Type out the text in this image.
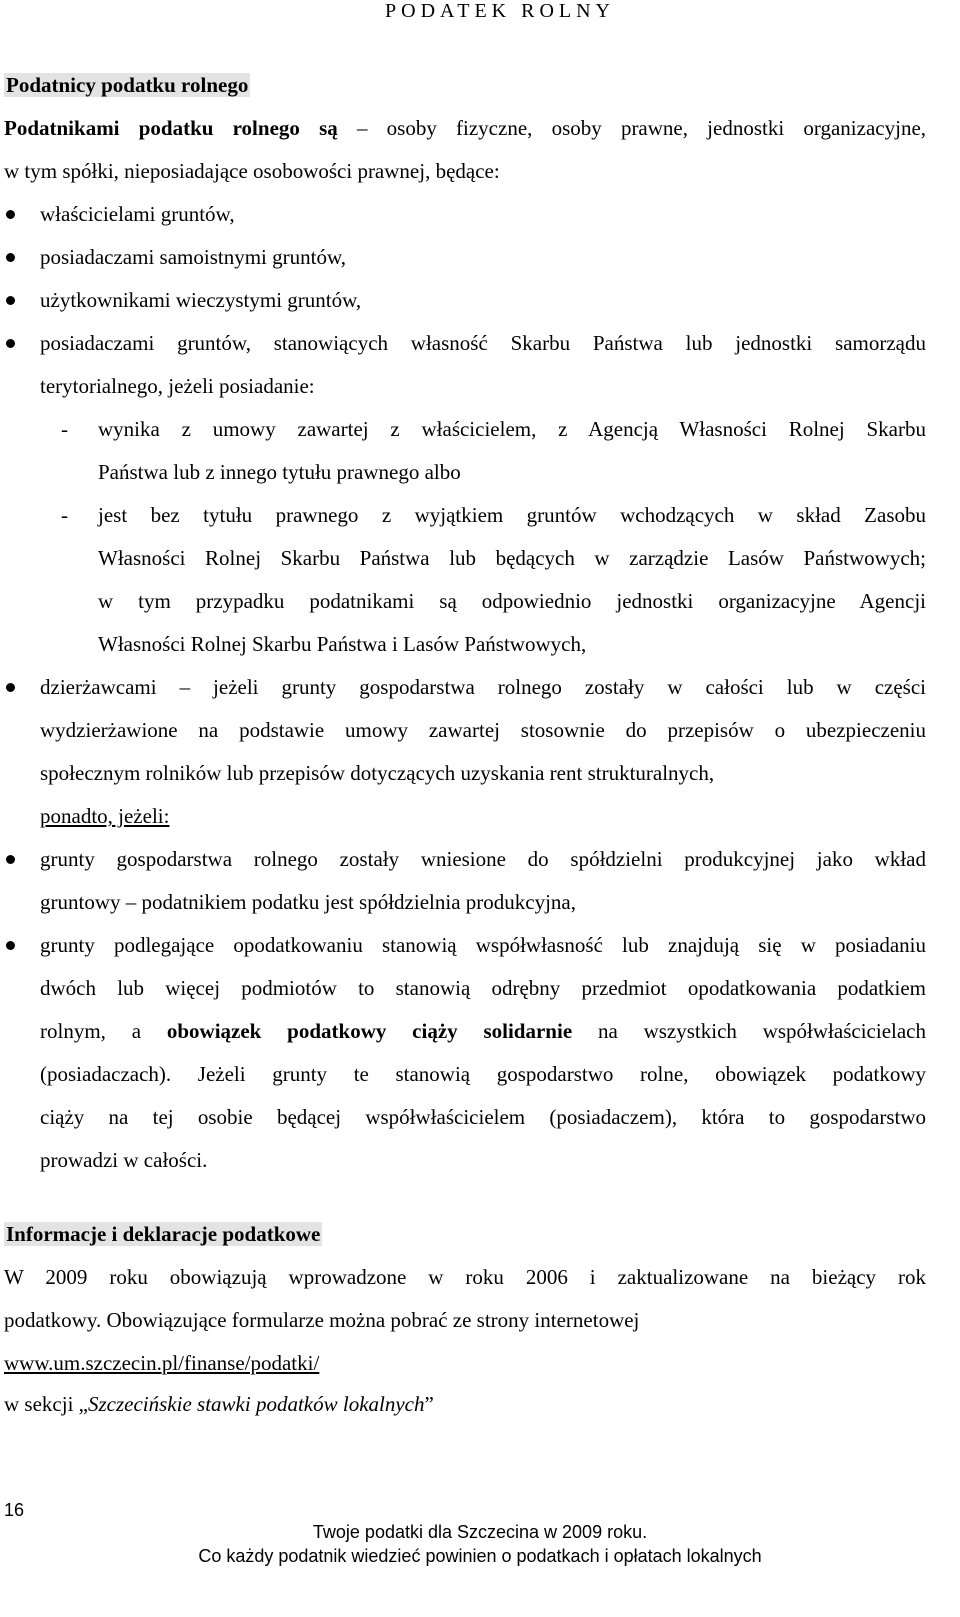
PODATEK ROLNY
Podatnicy podatku rolnego
Podatnikami podatku rolnego są – osoby fizyczne, osoby prawne, jednostki organizacyjne,
w tym spółki, nieposiadające osobowości prawnej, będące:
właścicielami gruntów,
posiadaczami samoistnymi gruntów,
użytkownikami wieczystymi gruntów,
posiadaczami gruntów, stanowiących własność Skarbu Państwa lub jednostki samorządu
terytorialnego, jeżeli posiadanie:
- wynika z umowy zawartej z właścicielem, z Agencją Własności Rolnej Skarbu
Państwa lub z innego tytułu prawnego albo
- jest bez tytułu prawnego z wyjątkiem gruntów wchodzących w skład Zasobu
Własności Rolnej Skarbu Państwa lub będących w zarządzie Lasów Państwowych;
w tym przypadku podatnikami są odpowiednio jednostki organizacyjne Agencji
Własności Rolnej Skarbu Państwa i Lasów Państwowych,
dzierżawcami – jeżeli grunty gospodarstwa rolnego zostały w całości lub w części
wydzierżawione na podstawie umowy zawartej stosownie do przepisów o ubezpieczeniu
społecznym rolników lub przepisów dotyczących uzyskania rent strukturalnych,
ponadto, jeżeli:
grunty gospodarstwa rolnego zostały wniesione do spółdzielni produkcyjnej jako wkład
gruntowy – podatnikiem podatku jest spółdzielnia produkcyjna,
grunty podlegające opodatkowaniu stanowią współwłasność lub znajdują się w posiadaniu
dwóch lub więcej podmiotów to stanowią odrębny przedmiot opodatkowania podatkiem
rolnym, a obowiązek podatkowy ciąży solidarnie na wszystkich współwłaścicielach
(posiadaczach). Jeżeli grunty te stanowią gospodarstwo rolne, obowiązek podatkowy
ciąży na tej osobie będącej współwłaścicielem (posiadaczem), która to gospodarstwo
prowadzi w całości.
Informacje i deklaracje podatkowe
W 2009 roku obowiązują wprowadzone w roku 2006 i zaktualizowane na bieżący rok
podatkowy. Obowiązujące formularze można pobrać ze strony internetowej
www.um.szczecin.pl/finanse/podatki/
w sekcji „Szczecińskie stawki podatków lokalnych”
16
Twoje podatki dla Szczecina w 2009 roku.
Co każdy podatnik wiedzieć powinien o podatkach i opłatach lokalnych
